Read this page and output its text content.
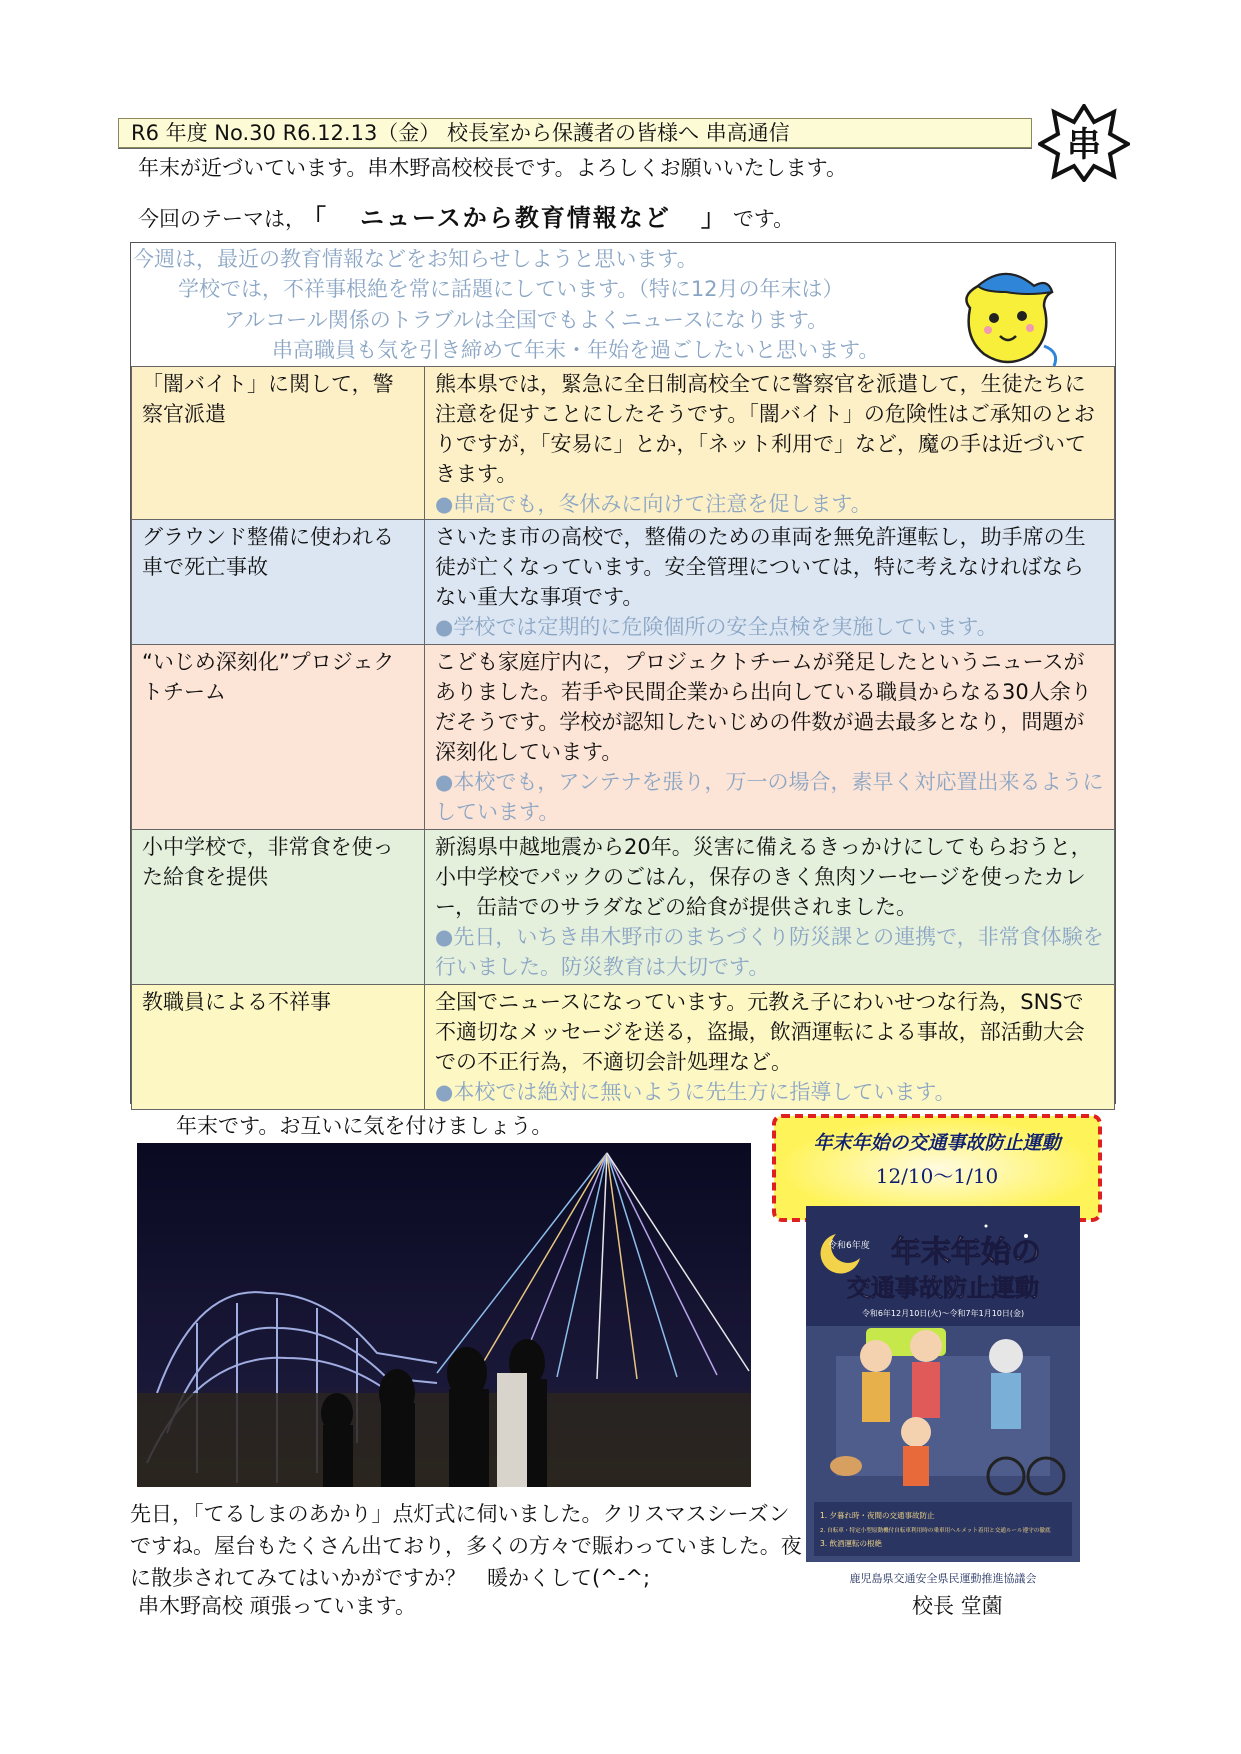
R6 年度 No.30 R6.12.13（金） 校長室から保護者の皆様へ 串高通信	串
年末が近づいています。串木野高校校長です。よろしくお願いいたします。
今回のテーマは， 「 ニュースから教育情報など 」 です。
今週は，最近の教育情報などをお知らせしようと思います。
学校では，不祥事根絶を常に話題にしています。（特に12月の年末は）
アルコール関係のトラブルは全国でもよくニュースになります。
串高職員も気を引き締めて年末・年始を過ごしたいと思います。
「闇バイト」に関して，警察官派遣	熊本県では，緊急に全日制高校全てに警察官を派遣して，生徒たちに注意を促すことにしたそうです。「闇バイト」の危険性はご承知のとおりですが，「安易に」とか，「ネット利用で」など，魔の手は近づいてきます。
●串高でも，冬休みに向けて注意を促します。
グラウンド整備に使われる車で死亡事故	さいたま市の高校で，整備のための車両を無免許運転し，助手席の生徒が亡くなっています。安全管理については，特に考えなければならない重大な事項です。
●学校では定期的に危険個所の安全点検を実施しています。
“いじめ深刻化”プロジェクトチーム	こども家庭庁内に，プロジェクトチームが発足したというニュースがありました。若手や民間企業から出向している職員からなる30人余りだそうです。学校が認知したいじめの件数が過去最多となり，問題が深刻化しています。
●本校でも，アンテナを張り，万一の場合，素早く対応置出来るようにしています。
小中学校で，非常食を使った給食を提供	新潟県中越地震から20年。災害に備えるきっかけにしてもらおうと，小中学校でパックのごはん，保存のきく魚肉ソーセージを使ったカレー，缶詰でのサラダなどの給食が提供されました。
●先日，いちき串木野市のまちづくり防災課との連携で，非常食体験を行いました。防災教育は大切です。
教職員による不祥事	全国でニュースになっています。元教え子にわいせつな行為，SNSで不適切なメッセージを送る，盗撮，飲酒運転による事故，部活動大会での不正行為，不適切会計処理など。
●本校では絶対に無いように先生方に指導しています。
年末です。お互いに気を付けましょう。
先日，「てるしまのあかり」点灯式に伺いました。クリスマスシーズンですね。屋台もたくさん出ており，多くの方々で賑わっていました。夜に散歩されてみてはいかがですか？　暖かくして(^-^;
年末年始の交通事故防止運動
12/10～1/10
令和6年度 年末年始の
交通事故防止運動
令和6年12月10日(火)～令和7年1月10日(金)
1. 夕暮れ時・夜間の交通事故防止
2. 自転車・特定小型原動機付自転車利用時の乗車用ヘルメット着用と交通ルール遵守の徹底
3. 飲酒運転の根絶
鹿児島県交通安全県民運動推進協議会
串木野高校 頑張っています。	校長 堂薗
